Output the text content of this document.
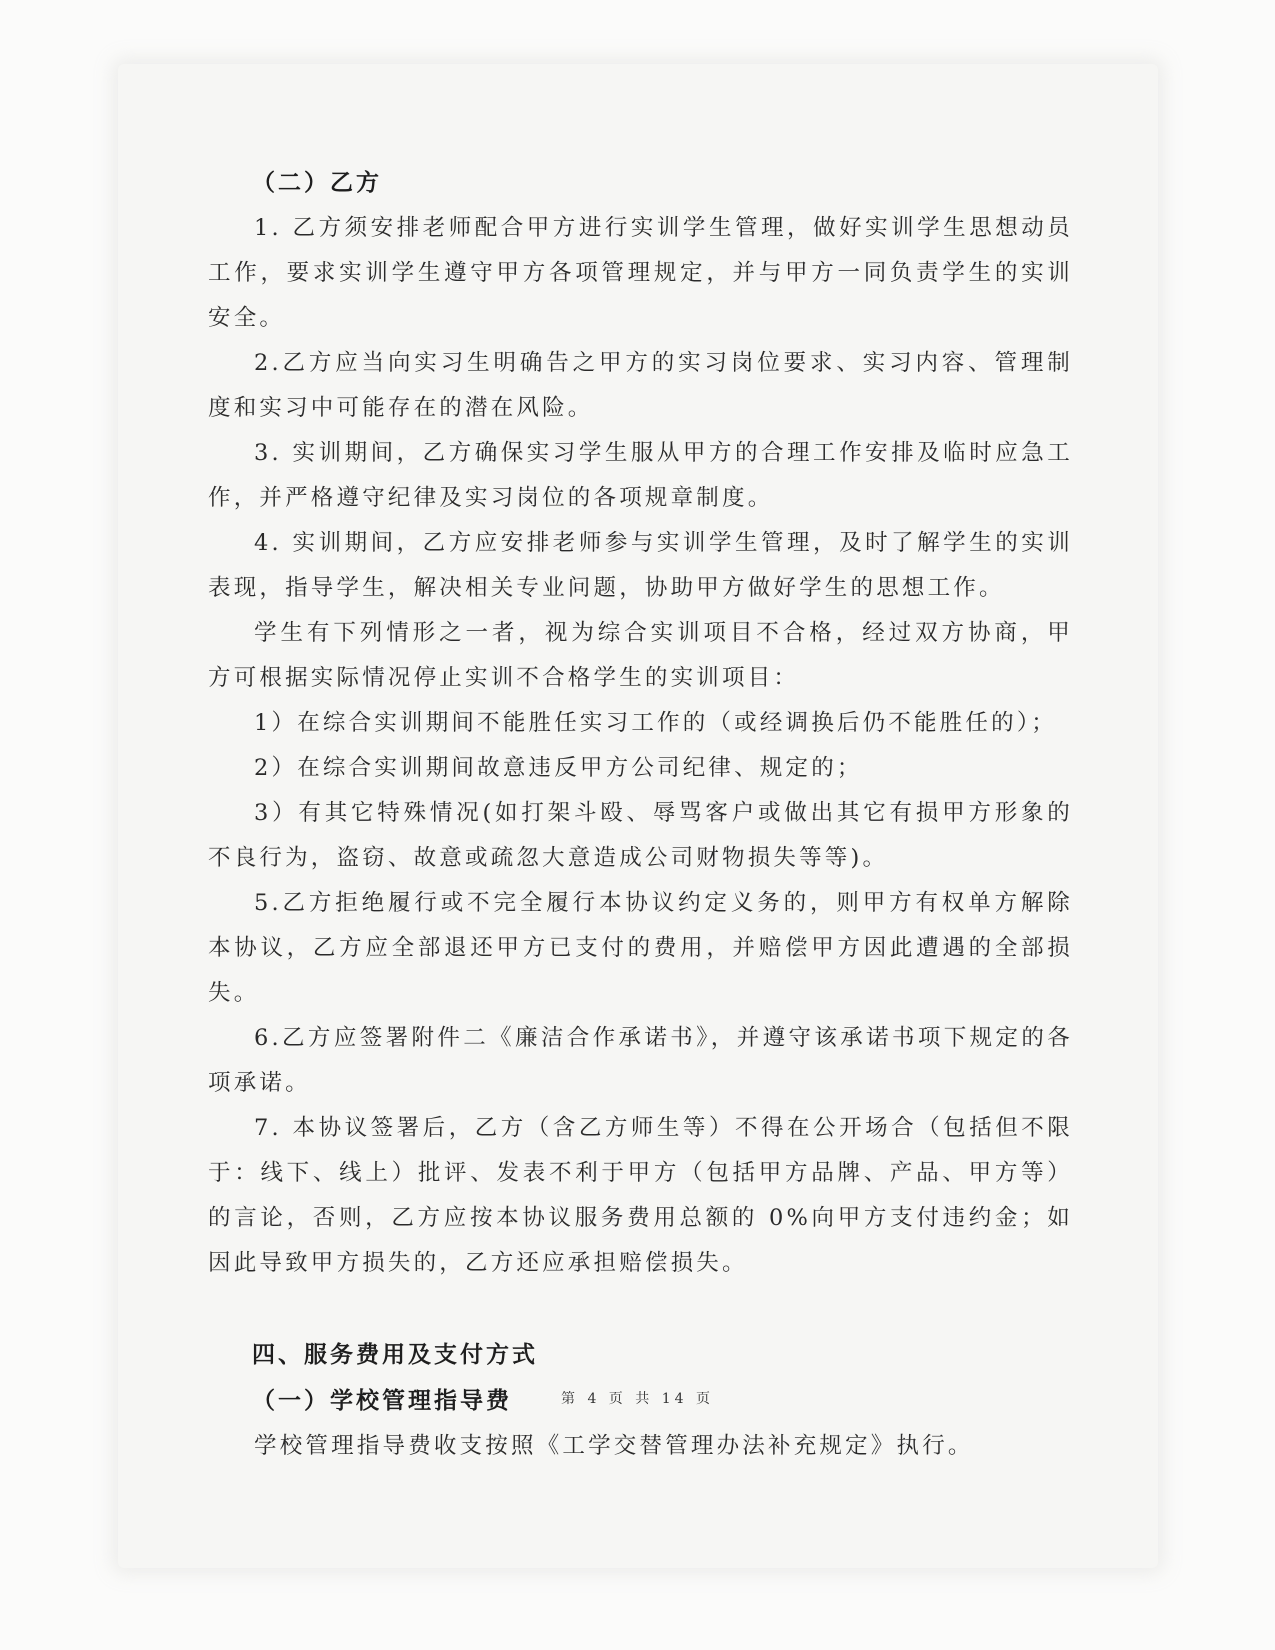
（二）乙方

1. 乙方须安排老师配合甲方进行实训学生管理，做好实训学生思想动员工作，要求实训学生遵守甲方各项管理规定，并与甲方一同负责学生的实训安全。

2.乙方应当向实习生明确告之甲方的实习岗位要求、实习内容、管理制度和实习中可能存在的潜在风险。

3. 实训期间，乙方确保实习学生服从甲方的合理工作安排及临时应急工作，并严格遵守纪律及实习岗位的各项规章制度。

4. 实训期间，乙方应安排老师参与实训学生管理，及时了解学生的实训表现，指导学生，解决相关专业问题，协助甲方做好学生的思想工作。

学生有下列情形之一者，视为综合实训项目不合格，经过双方协商，甲方可根据实际情况停止实训不合格学生的实训项目：

1）在综合实训期间不能胜任实习工作的（或经调换后仍不能胜任的）；

2）在综合实训期间故意违反甲方公司纪律、规定的；

3）有其它特殊情况(如打架斗殴、辱骂客户或做出其它有损甲方形象的不良行为，盗窃、故意或疏忽大意造成公司财物损失等等)。

5.乙方拒绝履行或不完全履行本协议约定义务的，则甲方有权单方解除本协议，乙方应全部退还甲方已支付的费用，并赔偿甲方因此遭遇的全部损失。

6.乙方应签署附件二《廉洁合作承诺书》，并遵守该承诺书项下规定的各项承诺。

7. 本协议签署后，乙方（含乙方师生等）不得在公开场合（包括但不限于：线下、线上）批评、发表不利于甲方（包括甲方品牌、产品、甲方等）的言论，否则，乙方应按本协议服务费用总额的 0%向甲方支付违约金；如因此导致甲方损失的，乙方还应承担赔偿损失。

四、服务费用及支付方式

（一）学校管理指导费

学校管理指导费收支按照《工学交替管理办法补充规定》执行。

第 4 页 共 14 页
